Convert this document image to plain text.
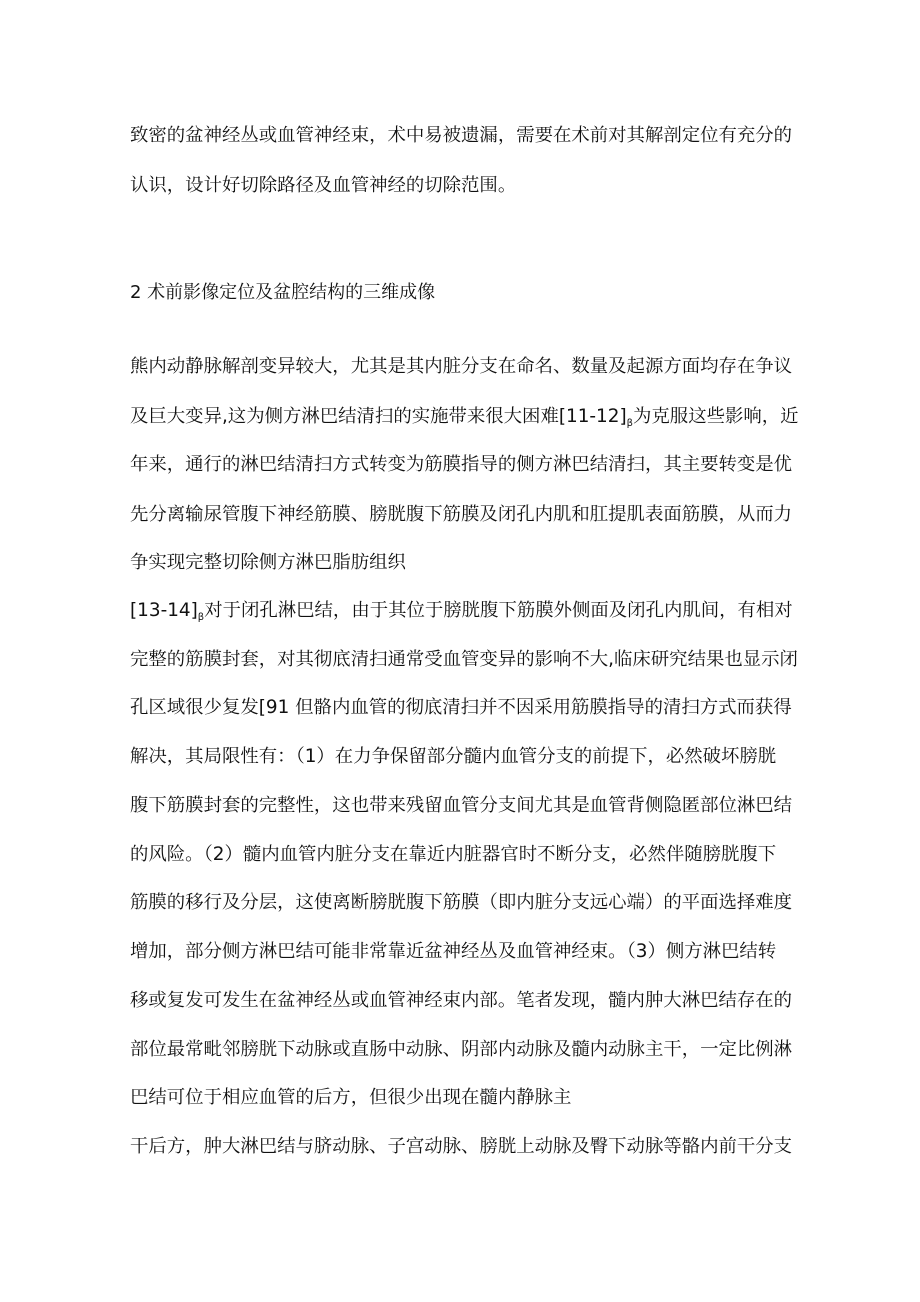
致密的盆神经丛或血管神经束，术中易被遗漏，需要在术前对其解剖定位有充分的
认识，设计好切除路径及血管神经的切除范围。
2 术前影像定位及盆腔结构的三维成像
熊内动静脉解剖变异较大，尤其是其内脏分支在命名、数量及起源方面均存在争议
及巨大变异,这为侧方淋巴结清扫的实施带来很大困难$[11-12]_\beta$为克服这些影响，近
年来，通行的淋巴结清扫方式转变为筋膜指导的侧方淋巴结清扫，其主要转变是优
先分离输尿管腹下神经筋膜、膀胱腹下筋膜及闭孔内肌和肛提肌表面筋膜，从而力
争实现完整切除侧方淋巴脂肪组织
$[13-14]_\beta$对于闭孔淋巴结，由于其位于膀胱腹下筋膜外侧面及闭孔内肌间，有相对
完整的筋膜封套，对其彻底清扫通常受血管变异的影响不大,临床研究结果也显示闭
孔区域很少复发[91 但骼内血管的彻底清扫并不因采用筋膜指导的清扫方式而获得
解决，其局限性有：（1）在力争保留部分髓内血管分支的前提下，必然破坏膀胱
腹下筋膜封套的完整性，这也带来残留血管分支间尤其是血管背侧隐匿部位淋巴结
的风险。（2）髓内血管内脏分支在靠近内脏器官时不断分支，必然伴随膀胱腹下
筋膜的移行及分层，这使离断膀胱腹下筋膜（即内脏分支远心端）的平面选择难度
增加，部分侧方淋巴结可能非常靠近盆神经丛及血管神经束。（3）侧方淋巴结转
移或复发可发生在盆神经丛或血管神经束内部。笔者发现，髓内肿大淋巴结存在的
部位最常毗邻膀胱下动脉或直肠中动脉、阴部内动脉及髓内动脉主干，一定比例淋
巴结可位于相应血管的后方，但很少出现在髓内静脉主
干后方，肿大淋巴结与脐动脉、子宫动脉、膀胱上动脉及臀下动脉等骼内前干分支
